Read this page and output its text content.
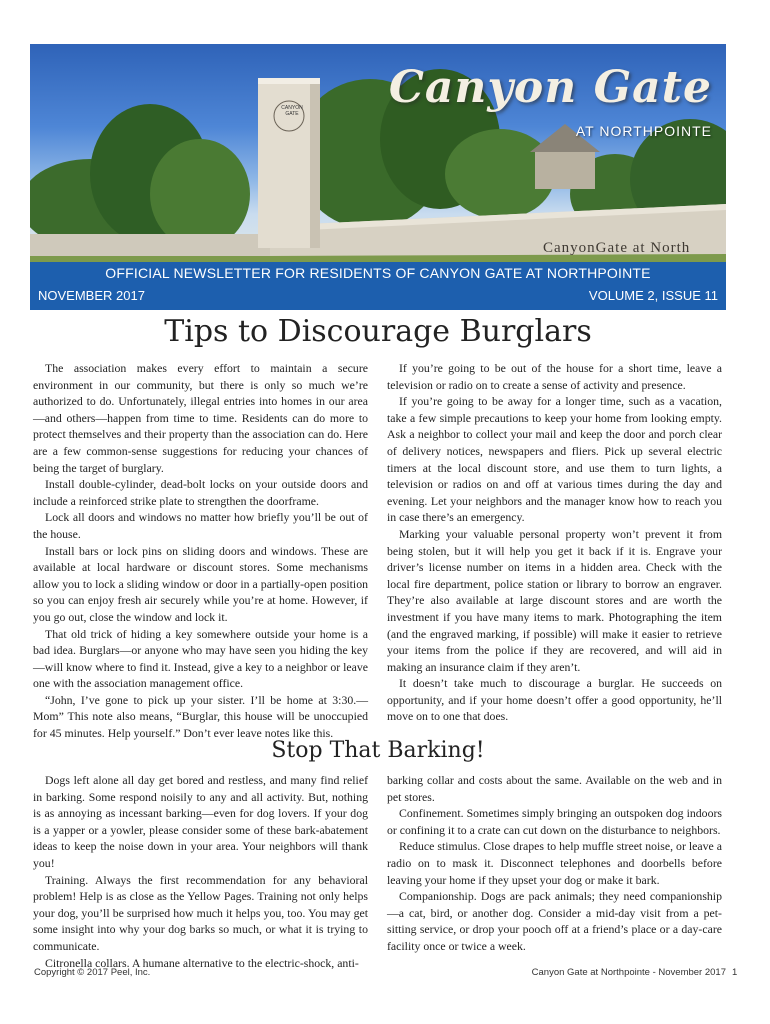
CANYON GATE
CanyonGate at North
Canyon Gate
AT NORTHPOINTE
OFFICIAL NEWSLETTER FOR RESIDENTS OF CANYON GATE AT NORTHPOINTE
NOVEMBER 2017	VOLUME 2, ISSUE 11
Tips to Discourage Burglars

The association makes every effort to maintain a secure environment in our community, but there is only so much we’re authorized to do. Unfortunately, illegal entries into homes in our area—and others—happen from time to time. Residents can do more to protect themselves and their property than the association can do. Here are a few common-sense suggestions for reducing your chances of being the target of burglary.

Install double-cylinder, dead-bolt locks on your outside doors and include a reinforced strike plate to strengthen the doorframe.

Lock all doors and windows no matter how briefly you’ll be out of the house.

Install bars or lock pins on sliding doors and windows. These are available at local hardware or discount stores. Some mechanisms allow you to lock a sliding window or door in a partially-open position so you can enjoy fresh air securely while you’re at home. However, if you go out, close the window and lock it.

That old trick of hiding a key somewhere outside your home is a bad idea. Burglars—or anyone who may have seen you hiding the key—will know where to find it. Instead, give a key to a neighbor or leave one with the association management office.

“John, I’ve gone to pick up your sister. I’ll be home at 3:30.—Mom” This note also means, “Burglar, this house will be unoccupied for 45 minutes. Help yourself.” Don’t ever leave notes like this.

If you’re going to be out of the house for a short time, leave a television or radio on to create a sense of activity and presence.

If you’re going to be away for a longer time, such as a vacation, take a few simple precautions to keep your home from looking empty. Ask a neighbor to collect your mail and keep the door and porch clear of delivery notices, newspapers and fliers. Pick up several electric timers at the local discount store, and use them to turn lights, a television or radios on and off at various times during the day and evening. Let your neighbors and the manager know how to reach you in case there’s an emergency.

Marking your valuable personal property won’t prevent it from being stolen, but it will help you get it back if it is. Engrave your driver’s license number on items in a hidden area. Check with the local fire department, police station or library to borrow an engraver. They’re also available at large discount stores and are worth the investment if you have many items to mark. Photographing the item (and the engraved marking, if possible) will make it easier to retrieve your items from the police if they are recovered, and will aid in making an insurance claim if they aren’t.

It doesn’t take much to discourage a burglar. He succeeds on opportunity, and if your home doesn’t offer a good opportunity, he’ll move on to one that does.

Stop That Barking!

Dogs left alone all day get bored and restless, and many find relief in barking. Some respond noisily to any and all activity. But, nothing is as annoying as incessant barking—even for dog lovers. If your dog is a yapper or a yowler, please consider some of these bark-abatement ideas to keep the noise down in your area. Your neighbors will thank you!

Training. Always the first recommendation for any behavioral problem! Help is as close as the Yellow Pages. Training not only helps your dog, you’ll be surprised how much it helps you, too. You may get some insight into why your dog barks so much, or what it is trying to communicate.

Citronella collars. A humane alternative to the electric-shock, anti-

barking collar and costs about the same. Available on the web and in pet stores.

Confinement. Sometimes simply bringing an outspoken dog indoors or confining it to a crate can cut down on the disturbance to neighbors.

Reduce stimulus. Close drapes to help muffle street noise, or leave a radio on to mask it. Disconnect telephones and doorbells before leaving your home if they upset your dog or make it bark.

Companionship. Dogs are pack animals; they need companionship—a cat, bird, or another dog. Consider a mid-day visit from a pet-sitting service, or drop your pooch off at a friend’s place or a day-care facility once or twice a week.

Copyright © 2017 Peel, Inc.	Canyon Gate at Northpointe - November 2017 1
